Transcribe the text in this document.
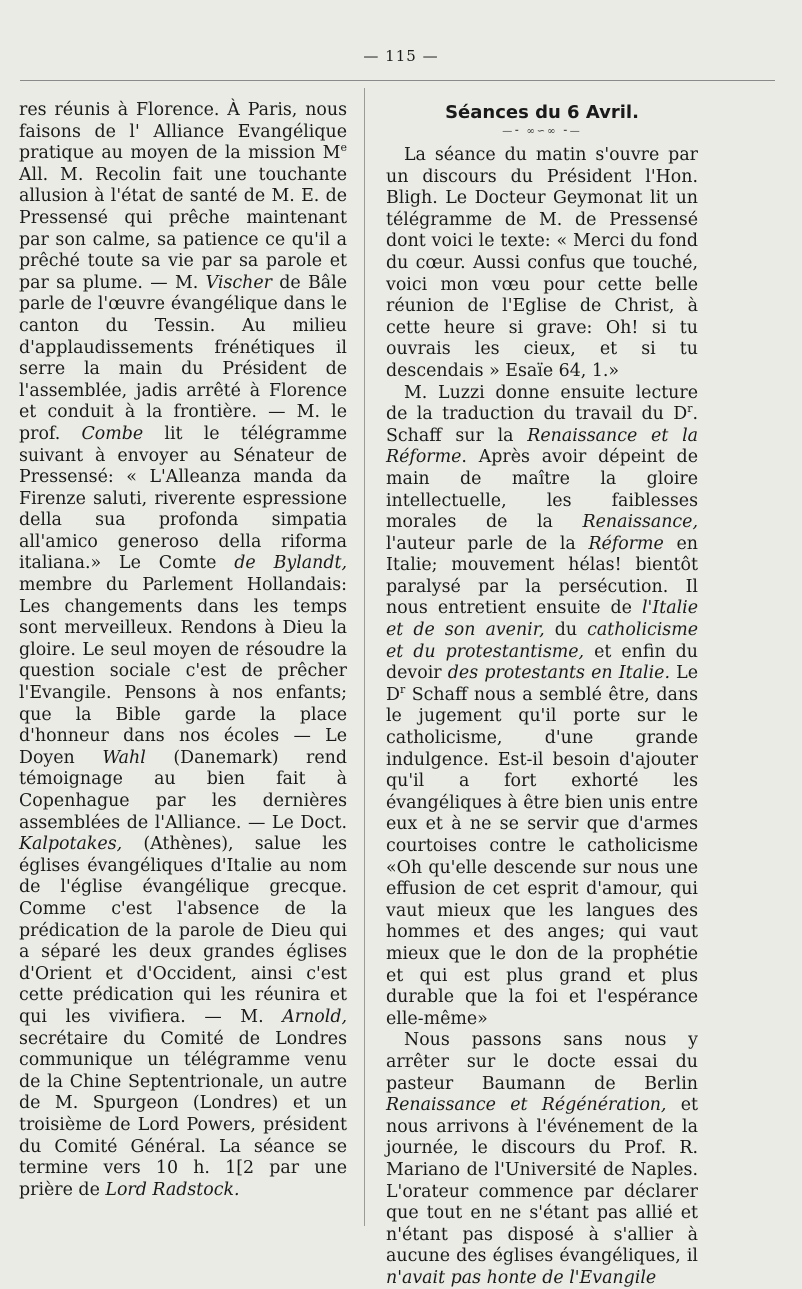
— 115 —

res réunis à Florence. À Paris, nous faisons de l' Alliance Evangélique pratique au moyen de la mission Me All. M. Recolin fait une touchante allusion à l'état de santé de M. E. de Pressensé qui prêche maintenant par son calme, sa patience ce qu'il a prêché toute sa vie par sa parole et par sa plume. — M. Vischer de Bâle parle de l'œuvre évangélique dans le canton du Tessin. Au milieu d'applaudissements frénétiques il serre la main du Président de l'assemblée, jadis arrêté à Florence et conduit à la frontière. — M. le prof. Combe lit le télégramme suivant à envoyer au Sénateur de Pressensé: « L'Alleanza manda da Firenze saluti, riverente espressione della sua profonda simpatia all'amico generoso della riforma italiana.» Le Comte de Bylandt, membre du Parlement Hollandais: Les changements dans les temps sont merveilleux. Rendons à Dieu la gloire. Le seul moyen de résoudre la question sociale c'est de prêcher l'Evangile. Pensons à nos enfants; que la Bible garde la place d'honneur dans nos écoles — Le Doyen Wahl (Danemark) rend témoignage au bien fait à Copenhague par les dernières assemblées de l'Alliance. — Le Doct. Kalpotakes, (Athènes), salue les églises évangéliques d'Italie au nom de l'église évangélique grecque. Comme c'est l'absence de la prédication de la parole de Dieu qui a séparé les deux grandes églises d'Orient et d'Occident, ainsi c'est cette prédication qui les réunira et qui les vivifiera. — M. Arnold, secrétaire du Comité de Londres communique un télégramme venu de la Chine Septentrionale, un autre de M. Spurgeon (Londres) et un troisième de Lord Powers, président du Comité Général. La séance se termine vers 10 h. 1[2 par une prière de Lord Radstock.

Séances du 6 Avril.
—⁃ ∞∽∞ ⁃—

La séance du matin s'ouvre par un discours du Président l'Hon. Bligh. Le Docteur Geymonat lit un télégramme de M. de Pressensé dont voici le texte: « Merci du fond du cœur. Aussi confus que touché, voici mon vœu pour cette belle réunion de l'Eglise de Christ, à cette heure si grave: Oh! si tu ouvrais les cieux, et si tu descendais » Esaïe 64, 1.»

M. Luzzi donne ensuite lecture de la traduction du travail du $D^r$. Schaff sur la Renaissance et la Réforme. Après avoir dépeint de main de maître la gloire intellectuelle, les faiblesses morales de la Renaissance, l'auteur parle de la Réforme en Italie; mouvement hélas! bientôt paralysé par la persécution. Il nous entretient ensuite de l'Italie et de son avenir, du catholicisme et du protestantisme, et enfin du devoir des protestants en Italie. Le $D^r$ Schaff nous a semblé être, dans le jugement qu'il porte sur le catholicisme, d'une grande indulgence. Est-il besoin d'ajouter qu'il a fort exhorté les évangéliques à être bien unis entre eux et à ne se servir que d'armes courtoises contre le catholicisme «Oh qu'elle descende sur nous une effusion de cet esprit d'amour, qui vaut mieux que les langues des hommes et des anges; qui vaut mieux que le don de la prophétie et qui est plus grand et plus durable que la foi et l'espérance elle-même»

Nous passons sans nous y arrêter sur le docte essai du pasteur Baumann de Berlin Renaissance et Régénération, et nous arrivons à l'événement de la journée, le discours du Prof. R. Mariano de l'Université de Naples. L'orateur commence par déclarer que tout en ne s'étant pas allié et n'étant pas disposé à s'allier à aucune des églises évangéliques, il n'avait pas honte de l'Evangile
